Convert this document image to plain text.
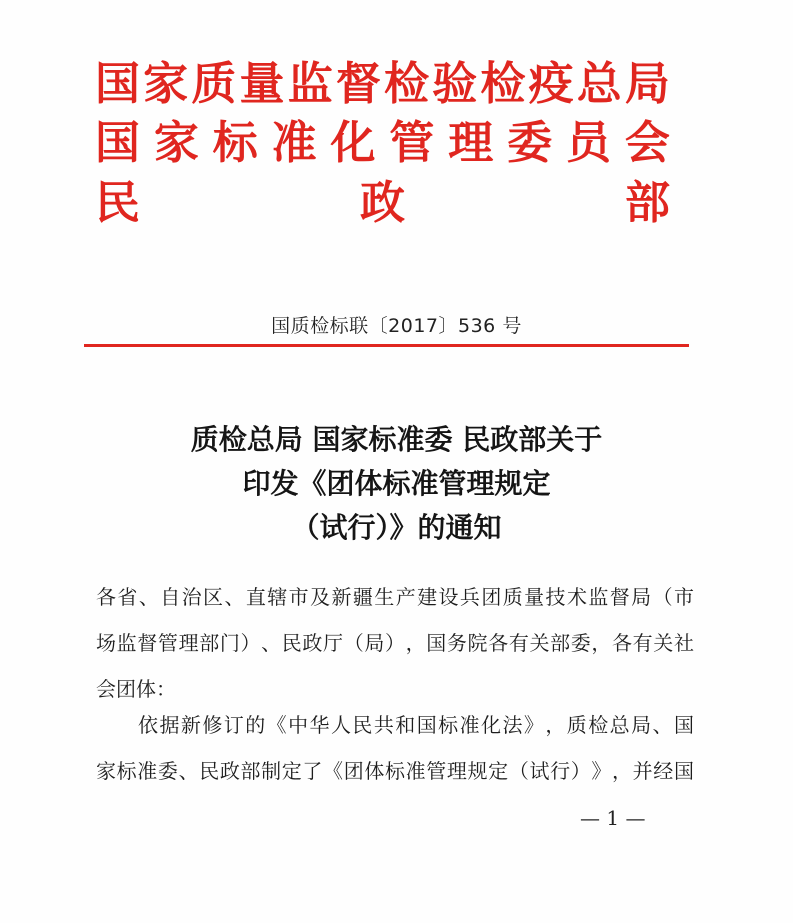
国 家 质 量 监 督 检 验 检 疫 总 局
国 家 标 准 化 管 理 委 员 会
民	政	部
国质检标联〔2017〕536 号
质检总局 国家标准委 民政部关于
印发《团体标准管理规定
（试行）》的通知
各 省 、 自 治 区 、 直 辖 市 及 新 疆 生 产 建 设 兵 团 质 量 技 术 监 督 局 （ 市
场 监 督 管 理 部 门 ） 、 民 政 厅 （ 局 ） ， 国 务 院 各 有 关 部 委 ， 各 有 关 社
会团体：
依 据 新 修 订 的 《 中 华 人 民 共 和 国 标 准 化 法 》 ， 质 检 总 局 、 国
家 标 准 委 、 民 政 部 制 定 了 《 团 体 标 准 管 理 规 定 （ 试 行 ） 》 ， 并 经 国
— 1 —
